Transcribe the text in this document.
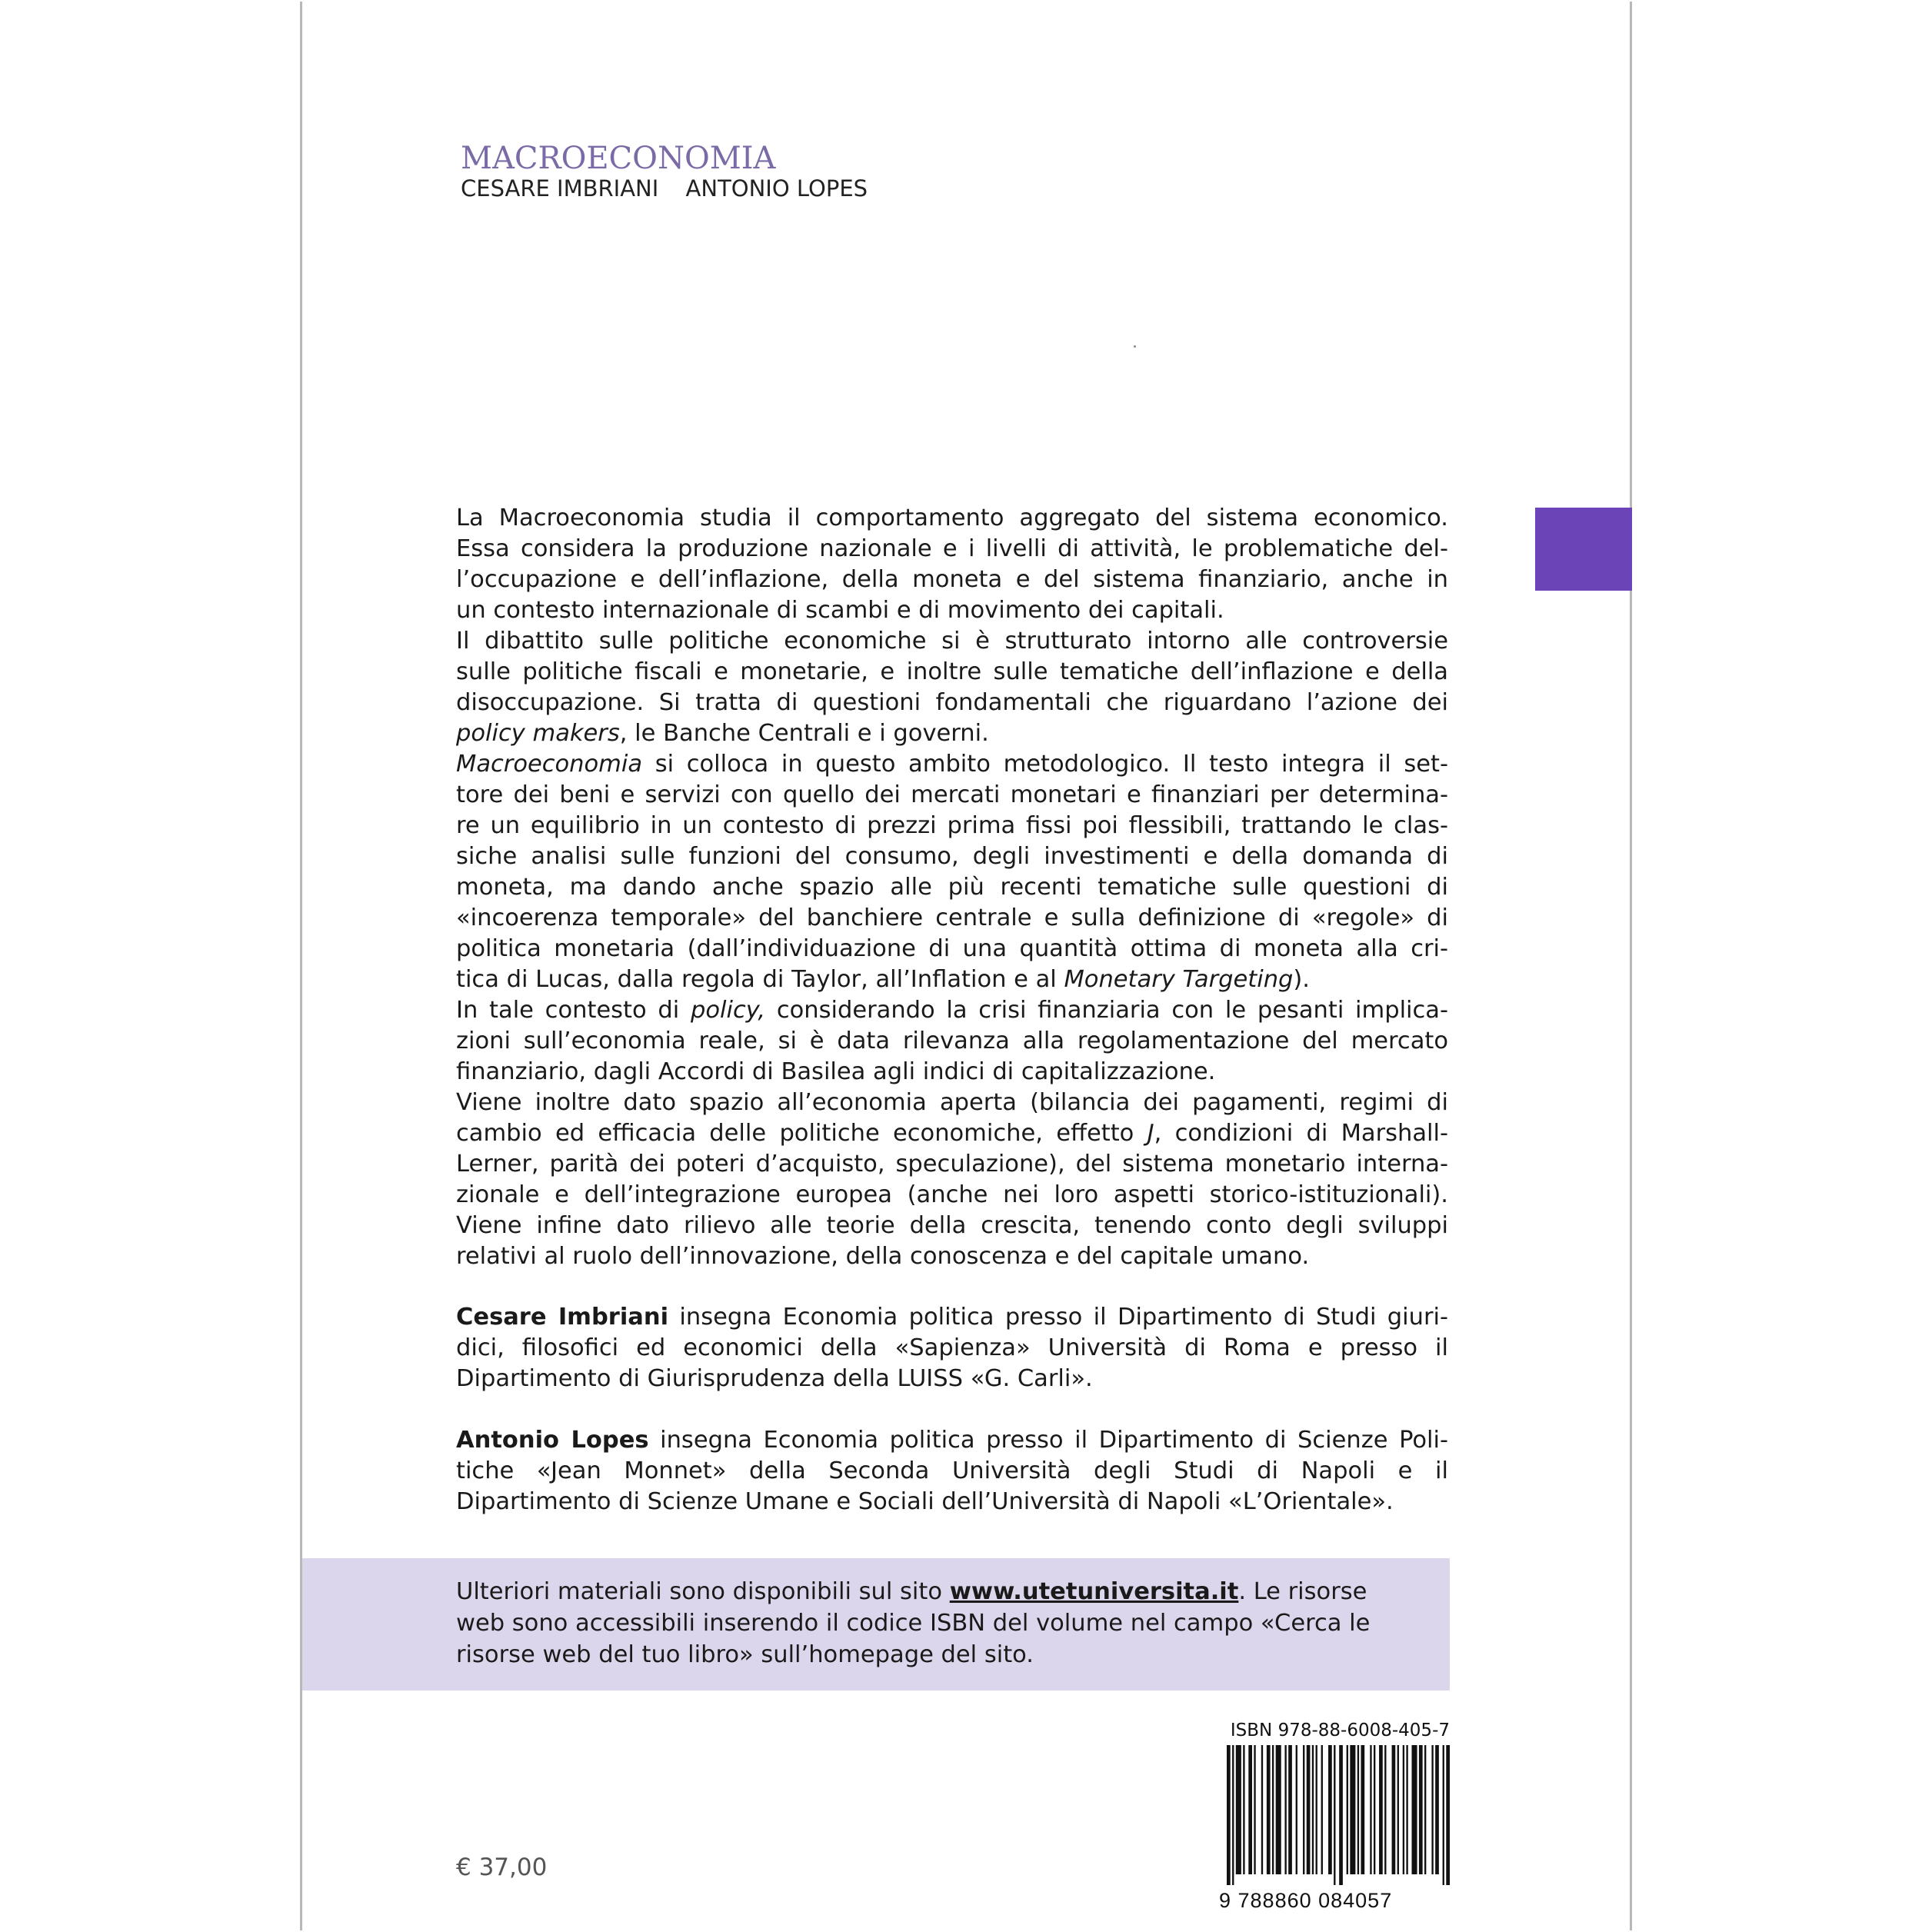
MACROECONOMIA
CESARE IMBRIANI ANTONIO LOPES
La Macroeconomia studia il comportamento aggregato del sistema economico.
Essa considera la produzione nazionale e i livelli di attività, le problematiche del-
l’occupazione e dell’inflazione, della moneta e del sistema finanziario, anche in
un contesto internazionale di scambi e di movimento dei capitali.
Il dibattito sulle politiche economiche si è strutturato intorno alle controversie
sulle politiche fiscali e monetarie, e inoltre sulle tematiche dell’inflazione e della
disoccupazione. Si tratta di questioni fondamentali che riguardano l’azione dei
policy makers, le Banche Centrali e i governi.
Macroeconomia si colloca in questo ambito metodologico. Il testo integra il set-
tore dei beni e servizi con quello dei mercati monetari e finanziari per determina-
re un equilibrio in un contesto di prezzi prima fissi poi flessibili, trattando le clas-
siche analisi sulle funzioni del consumo, degli investimenti e della domanda di
moneta, ma dando anche spazio alle più recenti tematiche sulle questioni di
«incoerenza temporale» del banchiere centrale e sulla definizione di «regole» di
politica monetaria (dall’individuazione di una quantità ottima di moneta alla cri-
tica di Lucas, dalla regola di Taylor, all’Inflation e al Monetary Targeting).
In tale contesto di policy, considerando la crisi finanziaria con le pesanti implica-
zioni sull’economia reale, si è data rilevanza alla regolamentazione del mercato
finanziario, dagli Accordi di Basilea agli indici di capitalizzazione.
Viene inoltre dato spazio all’economia aperta (bilancia dei pagamenti, regimi di
cambio ed efficacia delle politiche economiche, effetto J, condizioni di Marshall-
Lerner, parità dei poteri d’acquisto, speculazione), del sistema monetario interna-
zionale e dell’integrazione europea (anche nei loro aspetti storico-istituzionali).
Viene infine dato rilievo alle teorie della crescita, tenendo conto degli sviluppi
relativi al ruolo dell’innovazione, della conoscenza e del capitale umano.
Cesare Imbriani insegna Economia politica presso il Dipartimento di Studi giuri-
dici, filosofici ed economici della «Sapienza» Università di Roma e presso il
Dipartimento di Giurisprudenza della LUISS «G. Carli».
Antonio Lopes insegna Economia politica presso il Dipartimento di Scienze Poli-
tiche «Jean Monnet» della Seconda Università degli Studi di Napoli e il
Dipartimento di Scienze Umane e Sociali dell’Università di Napoli «L’Orientale».
Ulteriori materiali sono disponibili sul sito www.utetuniversita.it. Le risorse
web sono accessibili inserendo il codice ISBN del volume nel campo «Cerca le
risorse web del tuo libro» sull’homepage del sito.
ISBN 978-88-6008-405-7
9 788860 084057
€ 37,00
